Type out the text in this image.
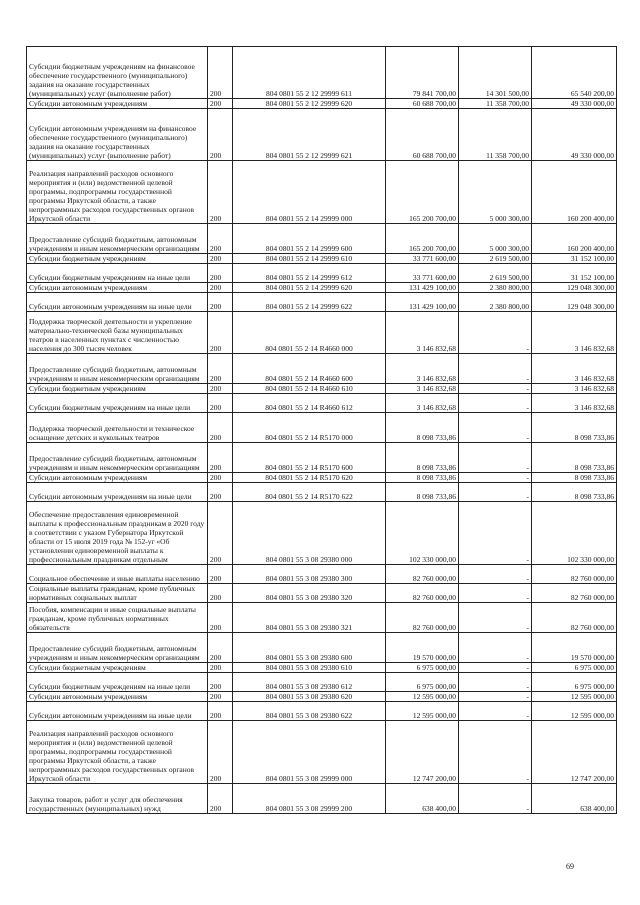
Субсидии бюджетным учреждениям на финансовое обеспечение государственного (муниципального) задания на оказание государственных (муниципальных) услуг (выполнение работ)	200	804 0801 55 2 12 29999 611	79 841 700,00	14 301 500,00	65 540 200,00
Субсидии автономным учреждениям	200	804 0801 55 2 12 29999 620	60 688 700,00	11 358 700,00	49 330 000,00
Субсидии автономным учреждениям на финансовое обеспечение государственного (муниципального) задания на оказание государственных (муниципальных) услуг (выполнение работ)	200	804 0801 55 2 12 29999 621	60 688 700,00	11 358 700,00	49 330 000,00
Реализация направлений расходов основного мероприятия и (или) ведомственной целевой программы, подпрограммы государственной программы Иркутской области, а также непрограммных расходов государственных органов Иркутской области	200	804 0801 55 2 14 29999 000	165 200 700,00	5 000 300,00	160 200 400,00
Предоставление субсидий бюджетным, автономным учреждениям и иным некоммерческим организациям	200	804 0801 55 2 14 29999 600	165 200 700,00	5 000 300,00	160 200 400,00
Субсидии бюджетным учреждениям	200	804 0801 55 2 14 29999 610	33 771 600,00	2 619 500,00	31 152 100,00
Субсидии бюджетным учреждениям на иные цели	200	804 0801 55 2 14 29999 612	33 771 600,00	2 619 500,00	31 152 100,00
Субсидии автономным учреждениям	200	804 0801 55 2 14 29999 620	131 429 100,00	2 380 800,00	129 048 300,00
Субсидии автономным учреждениям на иные цели	200	804 0801 55 2 14 29999 622	131 429 100,00	2 380 800,00	129 048 300,00
Поддержка творческой деятельности и укрепление материально-технической базы муниципальных театров в населенных пунктах с численностью населения до 300 тысяч человек	200	804 0801 55 2 14 R4660 000	3 146 832,68	-	3 146 832,68
Предоставление субсидий бюджетным, автономным учреждениям и иным некоммерческим организациям	200	804 0801 55 2 14 R4660 600	3 146 832,68	-	3 146 832,68
Субсидии бюджетным учреждениям	200	804 0801 55 2 14 R4660 610	3 146 832,68	-	3 146 832,68
Субсидии бюджетным учреждениям на иные цели	200	804 0801 55 2 14 R4660 612	3 146 832,68	-	3 146 832,68
Поддержка творческой деятельности и техническое оснащение детских и кукольных театров	200	804 0801 55 2 14 R5170 000	8 098 733,86	-	8 098 733,86
Предоставление субсидий бюджетным, автономным учреждениям и иным некоммерческим организациям	200	804 0801 55 2 14 R5170 600	8 098 733,86	-	8 098 733,86
Субсидии автономным учреждениям	200	804 0801 55 2 14 R5170 620	8 098 733,86	-	8 098 733,86
Субсидии автономным учреждениям на иные цели	200	804 0801 55 2 14 R5170 622	8 098 733,86	-	8 098 733,86
Обеспечение предоставления единовременной выплаты к профессиональным праздникам в 2020 году в соответствии с указом Губернатора Иркутской области от 15 июля 2019 года № 152-уг «Об установлении единовременной выплаты к профессиональным праздникам отдельным	200	804 0801 55 3 08 29380 000	102 330 000,00	-	102 330 000,00
Социальное обеспечение и иные выплаты населению	200	804 0801 55 3 08 29380 300	82 760 000,00	-	82 760 000,00
Социальные выплаты гражданам, кроме публичных нормативных социальных выплат	200	804 0801 55 3 08 29380 320	82 760 000,00	-	82 760 000,00
Пособия, компенсации и иные социальные выплаты гражданам, кроме публичных нормативных обязательств	200	804 0801 55 3 08 29380 321	82 760 000,00	-	82 760 000,00
Предоставление субсидий бюджетным, автономным учреждениям и иным некоммерческим организациям	200	804 0801 55 3 08 29380 600	19 570 000,00	-	19 570 000,00
Субсидии бюджетным учреждениям	200	804 0801 55 3 08 29380 610	6 975 000,00	-	6 975 000,00
Субсидии бюджетным учреждениям на иные цели	200	804 0801 55 3 08 29380 612	6 975 000,00	-	6 975 000,00
Субсидии автономным учреждениям	200	804 0801 55 3 08 29380 620	12 595 000,00	-	12 595 000,00
Субсидии автономным учреждениям на иные цели	200	804 0801 55 3 08 29380 622	12 595 000,00	-	12 595 000,00
Реализация направлений расходов основного мероприятия и (или) ведомственной целевой программы, подпрограммы государственной программы Иркутской области, а также непрограммных расходов государственных органов Иркутской области	200	804 0801 55 3 08 29999 000	12 747 200,00	-	12 747 200,00
Закупка товаров, работ и услуг для обеспечения государственных (муниципальных) нужд	200	804 0801 55 3 08 29999 200	638 400,00	-	638 400,00
69
